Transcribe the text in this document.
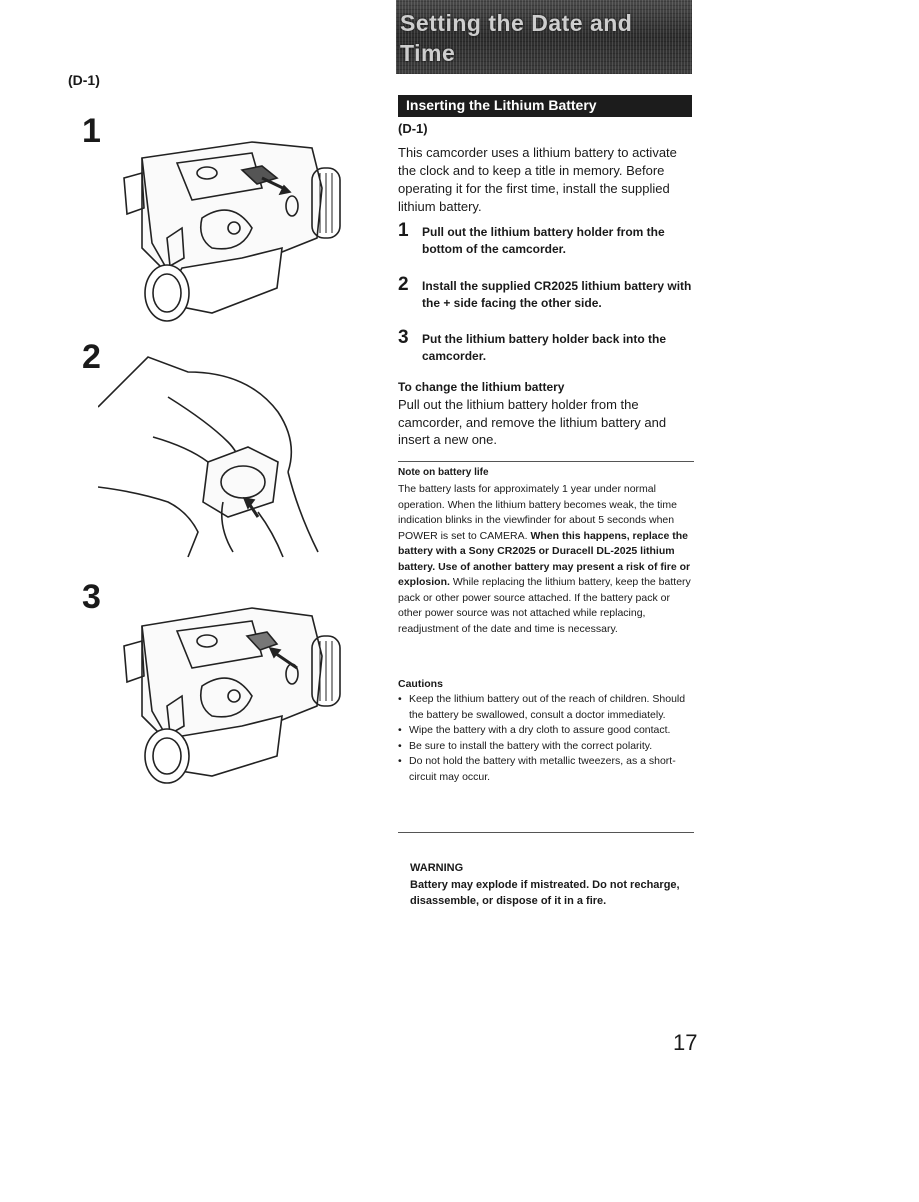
(D-1)
1
2
3
Setting the Date and Time
Inserting the Lithium Battery
(D-1)
This camcorder uses a lithium battery to activate the clock and to keep a title in memory. Before operating it for the first time, install the supplied lithium battery.
1 Pull out the lithium battery holder from the bottom of the camcorder.
2 Install the supplied CR2025 lithium battery with the + side facing the other side.
3 Put the lithium battery holder back into the camcorder.
To change the lithium battery
Pull out the lithium battery holder from the camcorder, and remove the lithium battery and insert a new one.
Note on battery life
The battery lasts for approximately 1 year under normal operation. When the lithium battery becomes weak, the time indication blinks in the viewfinder for about 5 seconds when POWER is set to CAMERA. When this happens, replace the battery with a Sony CR2025 or Duracell DL-2025 lithium battery. Use of another battery may present a risk of fire or explosion. While replacing the lithium battery, keep the battery pack or other power source attached. If the battery pack or other power source was not attached while replacing, readjustment of the date and time is necessary.
Cautions
• Keep the lithium battery out of the reach of children. Should the battery be swallowed, consult a doctor immediately.
• Wipe the battery with a dry cloth to assure good contact.
• Be sure to install the battery with the correct polarity.
• Do not hold the battery with metallic tweezers, as a short-circuit may occur.
WARNING
Battery may explode if mistreated. Do not recharge, disassemble, or dispose of it in a fire.
17
